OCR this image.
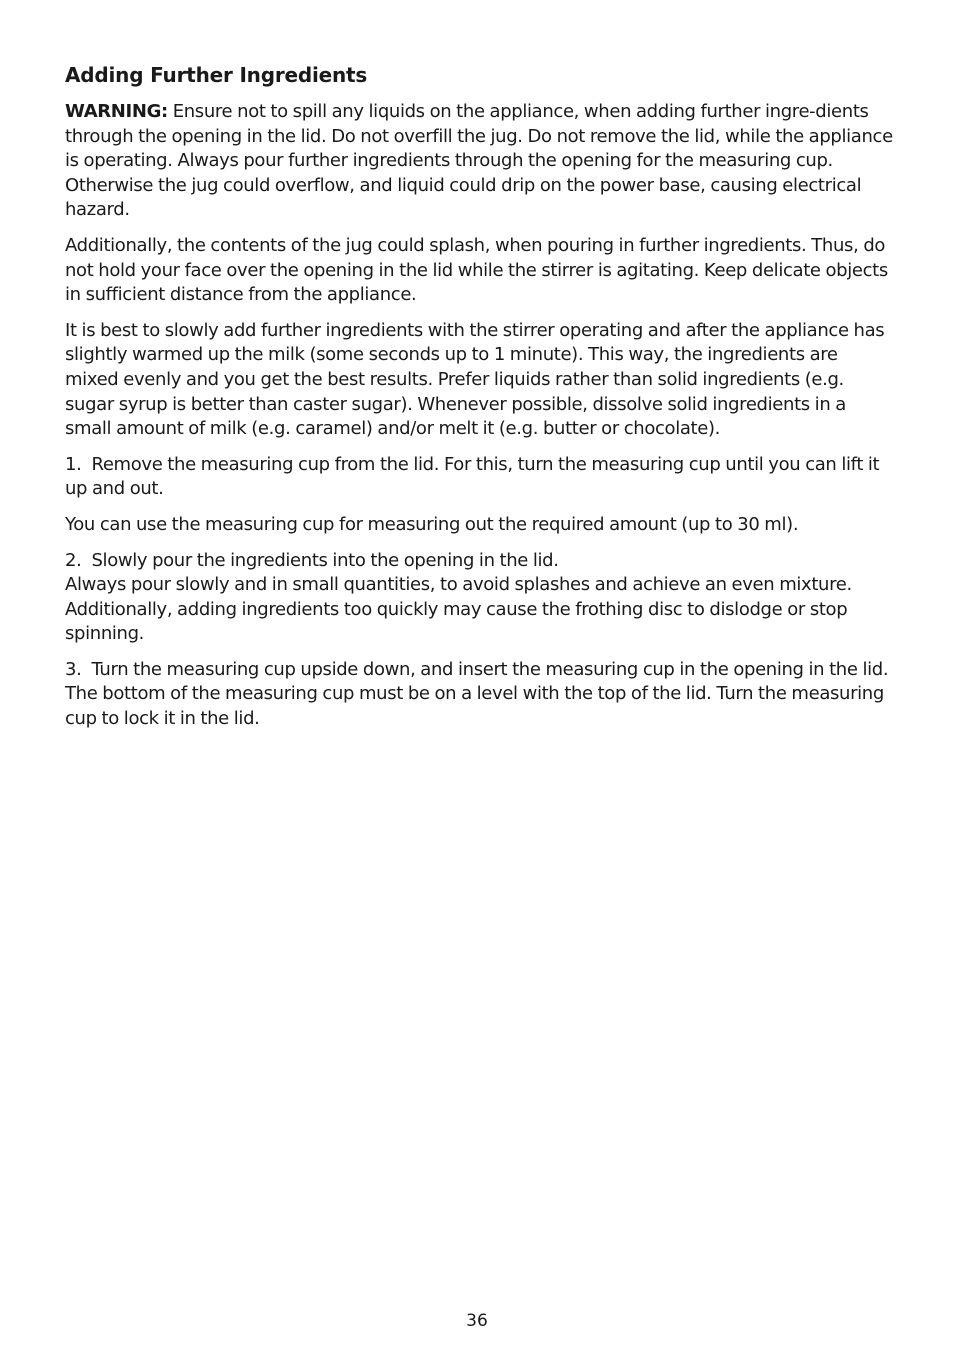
Adding Further Ingredients

WARNING: Ensure not to spill any liquids on the appliance, when adding further ingre-dients through the opening in the lid. Do not overfill the jug. Do not remove the lid, while the appliance is operating. Always pour further ingredients through the opening for the measuring cup. Otherwise the jug could overflow, and liquid could drip on the power base, causing electrical hazard.

Additionally, the contents of the jug could splash, when pouring in further ingredients. Thus, do not hold your face over the opening in the lid while the stirrer is agitating. Keep delicate objects in sufficient distance from the appliance.

It is best to slowly add further ingredients with the stirrer operating and after the appliance has slightly warmed up the milk (some seconds up to 1 minute). This way, the ingredients are mixed evenly and you get the best results. Prefer liquids rather than solid ingredients (e.g. sugar syrup is better than caster sugar). Whenever possible, dissolve solid ingredients in a small amount of milk (e.g. caramel) and/or melt it (e.g. butter or chocolate).

1. Remove the measuring cup from the lid. For this, turn the measuring cup until you can lift it up and out.

You can use the measuring cup for measuring out the required amount (up to 30 ml).

2. Slowly pour the ingredients into the opening in the lid.
Always pour slowly and in small quantities, to avoid splashes and achieve an even mixture. Additionally, adding ingredients too quickly may cause the frothing disc to dislodge or stop spinning.

3. Turn the measuring cup upside down, and insert the measuring cup in the opening in the lid. The bottom of the measuring cup must be on a level with the top of the lid. Turn the measuring cup to lock it in the lid.

36
